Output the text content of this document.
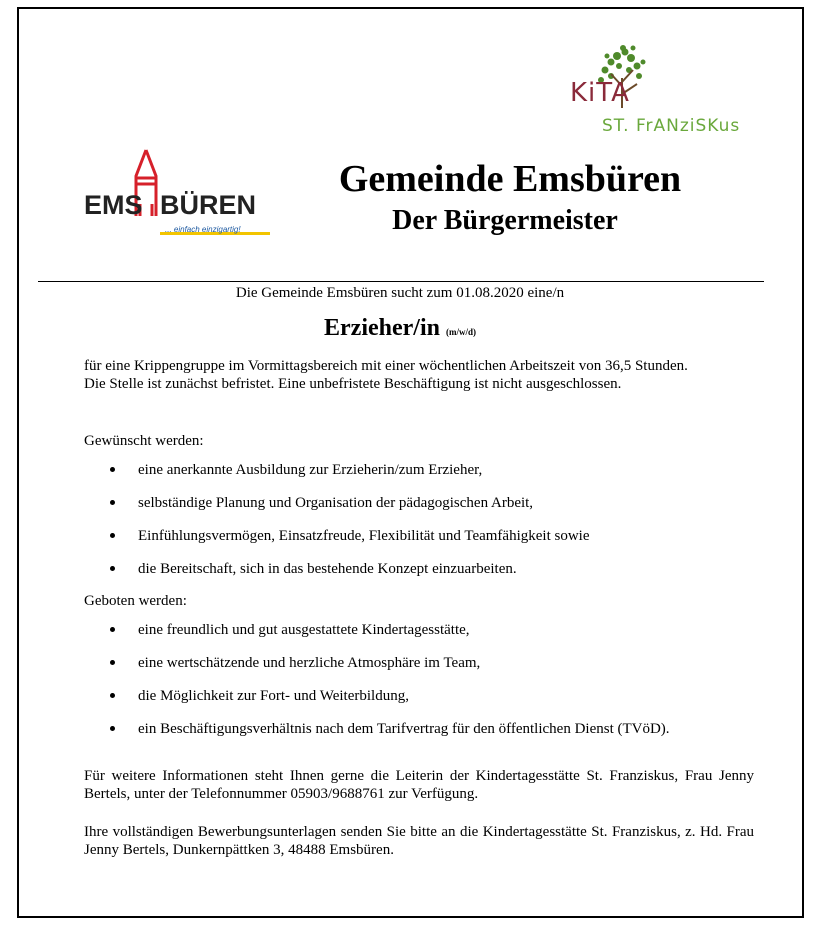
KiTA
ST. FrANziSKus
EMS BÜREN
... einfach einzigartig!
Gemeinde Emsbüren
Der Bürgermeister
Die Gemeinde Emsbüren sucht zum 01.08.2020 eine/n
Erzieher/in (m/w/d)
für eine Krippengruppe im Vormittagsbereich mit einer wöchentlichen Arbeitszeit von 36,5 Stunden.
Die Stelle ist zunächst befristet. Eine unbefristete Beschäftigung ist nicht ausgeschlossen.
Gewünscht werden:
eine anerkannte Ausbildung zur Erzieherin/zum Erzieher,
selbständige Planung und Organisation der pädagogischen Arbeit,
Einfühlungsvermögen, Einsatzfreude, Flexibilität und Teamfähigkeit sowie
die Bereitschaft, sich in das bestehende Konzept einzuarbeiten.
Geboten werden:
eine freundlich und gut ausgestattete Kindertagesstätte,
eine wertschätzende und herzliche Atmosphäre im Team,
die Möglichkeit zur Fort- und Weiterbildung,
ein Beschäftigungsverhältnis nach dem Tarifvertrag für den öffentlichen Dienst (TVöD).
Für weitere Informationen steht Ihnen gerne die Leiterin der Kindertagesstätte St. Franziskus, Frau Jenny Bertels, unter der Telefonnummer 05903/9688761 zur Verfügung.
Ihre vollständigen Bewerbungsunterlagen senden Sie bitte an die Kindertagesstätte St. Franziskus, z. Hd. Frau Jenny Bertels, Dunkernpättken 3, 48488 Emsbüren.
